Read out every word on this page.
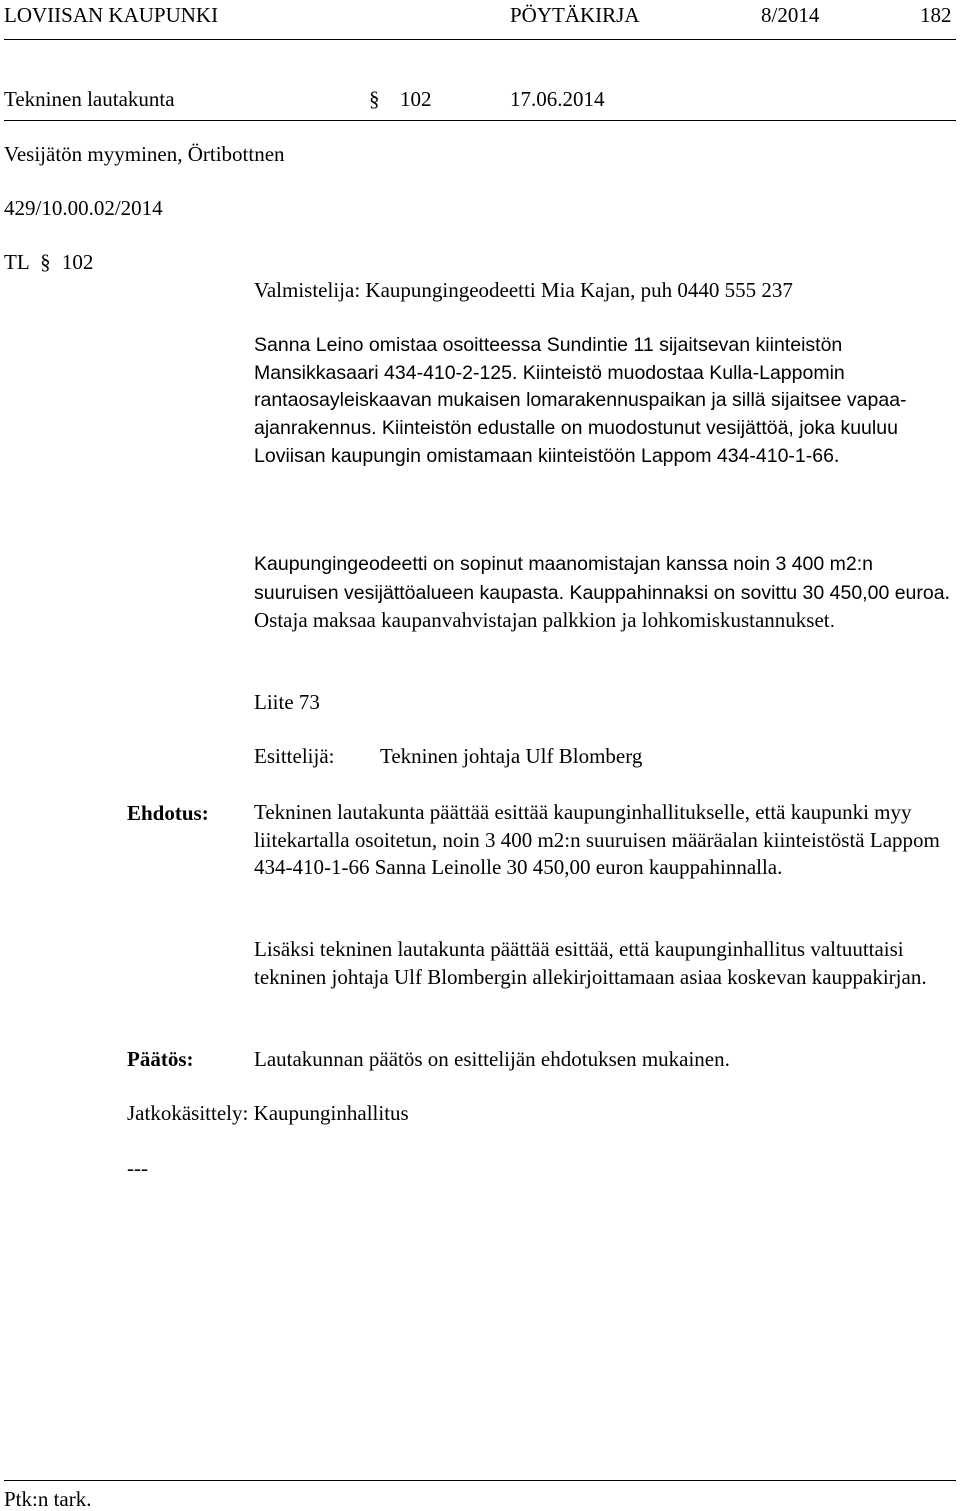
LOVIISAN KAUPUNKI	PÖYTÄKIRJA	8/2014	182
Tekninen lautakunta	§ 102	17.06.2014
Vesijätön myyminen, Örtibottnen
429/10.00.02/2014
TL § 102
Valmistelija: Kaupungingeodeetti Mia Kajan, puh 0440 555 237
Sanna Leino omistaa osoitteessa Sundintie 11 sijaitsevan kiinteistön Mansikkasaari 434-410-2-125. Kiinteistö muodostaa Kulla-Lappomin rantaosayleiskaavan mukaisen lomarakennuspaikan ja sillä sijaitsee vapaa-ajanrakennus. Kiinteistön edustalle on muodostunut vesijättöä, joka kuuluu Loviisan kaupungin omistamaan kiinteistöön Lappom 434-410-1-66.
Kaupungingeodeetti on sopinut maanomistajan kanssa noin 3 400 m2:n suuruisen vesijättöalueen kaupasta. Kauppahinnaksi on sovittu 30 450,00 euroa. Ostaja maksaa kaupanvahvistajan palkkion ja lohkomiskustannukset.
Liite 73
Esittelijä: Tekninen johtaja Ulf Blomberg
Ehdotus: Tekninen lautakunta päättää esittää kaupunginhallitukselle, että kaupunki myy liitekartalla osoitetun, noin 3 400 m2:n suuruisen määräalan kiinteistöstä Lappom 434-410-1-66 Sanna Leinolle 30 450,00 euron kauppahinnalla.
Lisäksi tekninen lautakunta päättää esittää, että kaupunginhallitus valtuuttaisi tekninen johtaja Ulf Blombergin allekirjoittamaan asiaa koskevan kauppakirjan.
Päätös:	Lautakunnan päätös on esittelijän ehdotuksen mukainen.
Jatkokäsittely: Kaupunginhallitus
---
Ptk:n tark.
